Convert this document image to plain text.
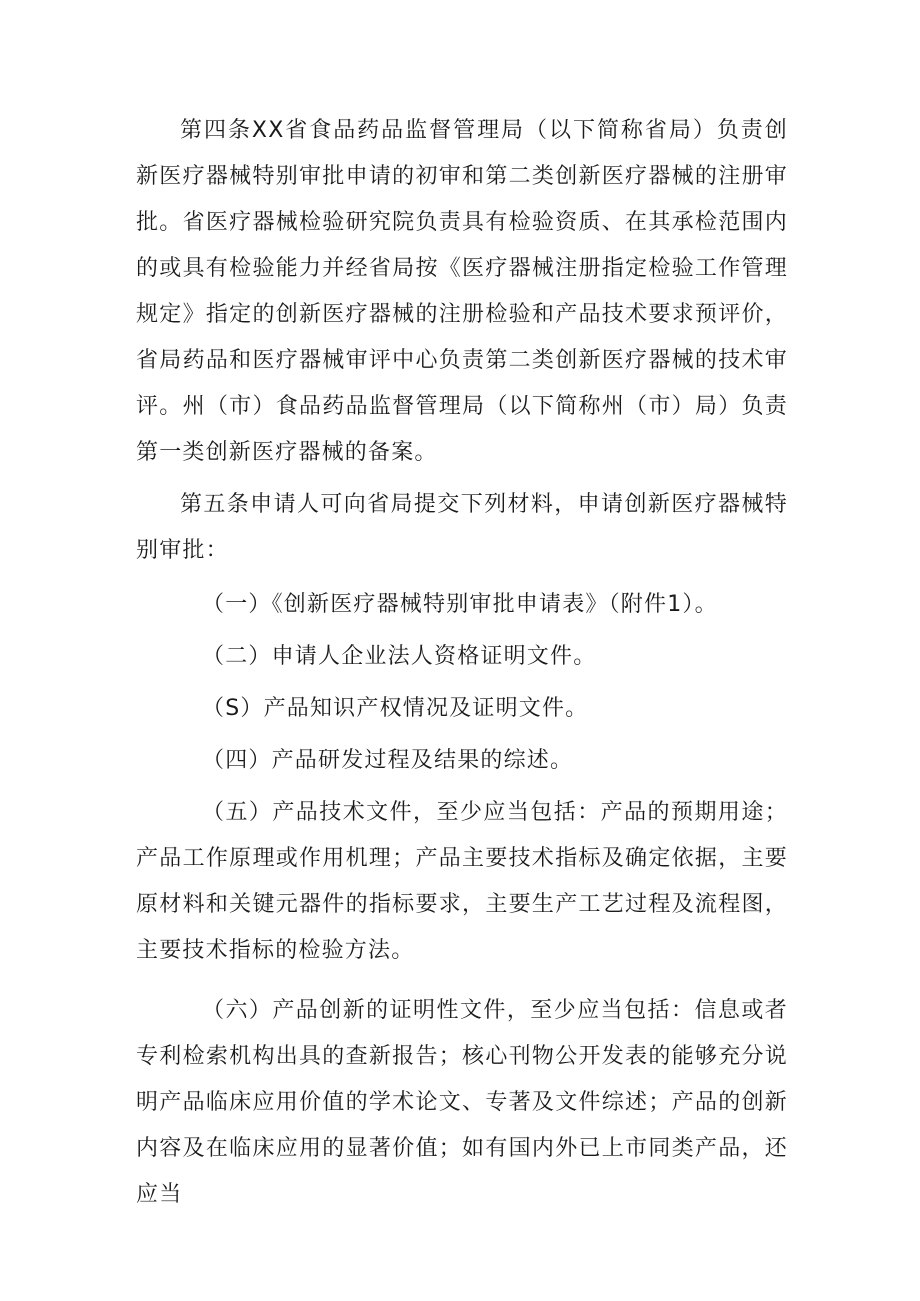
第四条XX省食品药品监督管理局（以下简称省局）负责创新医疗器械特别审批申请的初审和第二类创新医疗器械的注册审批。省医疗器械检验研究院负责具有检验资质、在其承检范围内的或具有检验能力并经省局按《医疗器械注册指定检验工作管理规定》指定的创新医疗器械的注册检验和产品技术要求预评价，省局药品和医疗器械审评中心负责第二类创新医疗器械的技术审评。州（市）食品药品监督管理局（以下简称州（市）局）负责第一类创新医疗器械的备案。

第五条申请人可向省局提交下列材料，申请创新医疗器械特别审批：

（一）《创新医疗器械特别审批申请表》（附件1）。

（二）申请人企业法人资格证明文件。

（S）产品知识产权情况及证明文件。

（四）产品研发过程及结果的综述。

（五）产品技术文件，至少应当包括：产品的预期用途；产品工作原理或作用机理；产品主要技术指标及确定依据，主要原材料和关键元器件的指标要求，主要生产工艺过程及流程图，主要技术指标的检验方法。

（六）产品创新的证明性文件，至少应当包括：信息或者专利检索机构出具的查新报告；核心刊物公开发表的能够充分说明产品临床应用价值的学术论文、专著及文件综述；产品的创新内容及在临床应用的显著价值；如有国内外已上市同类产品，还应当
